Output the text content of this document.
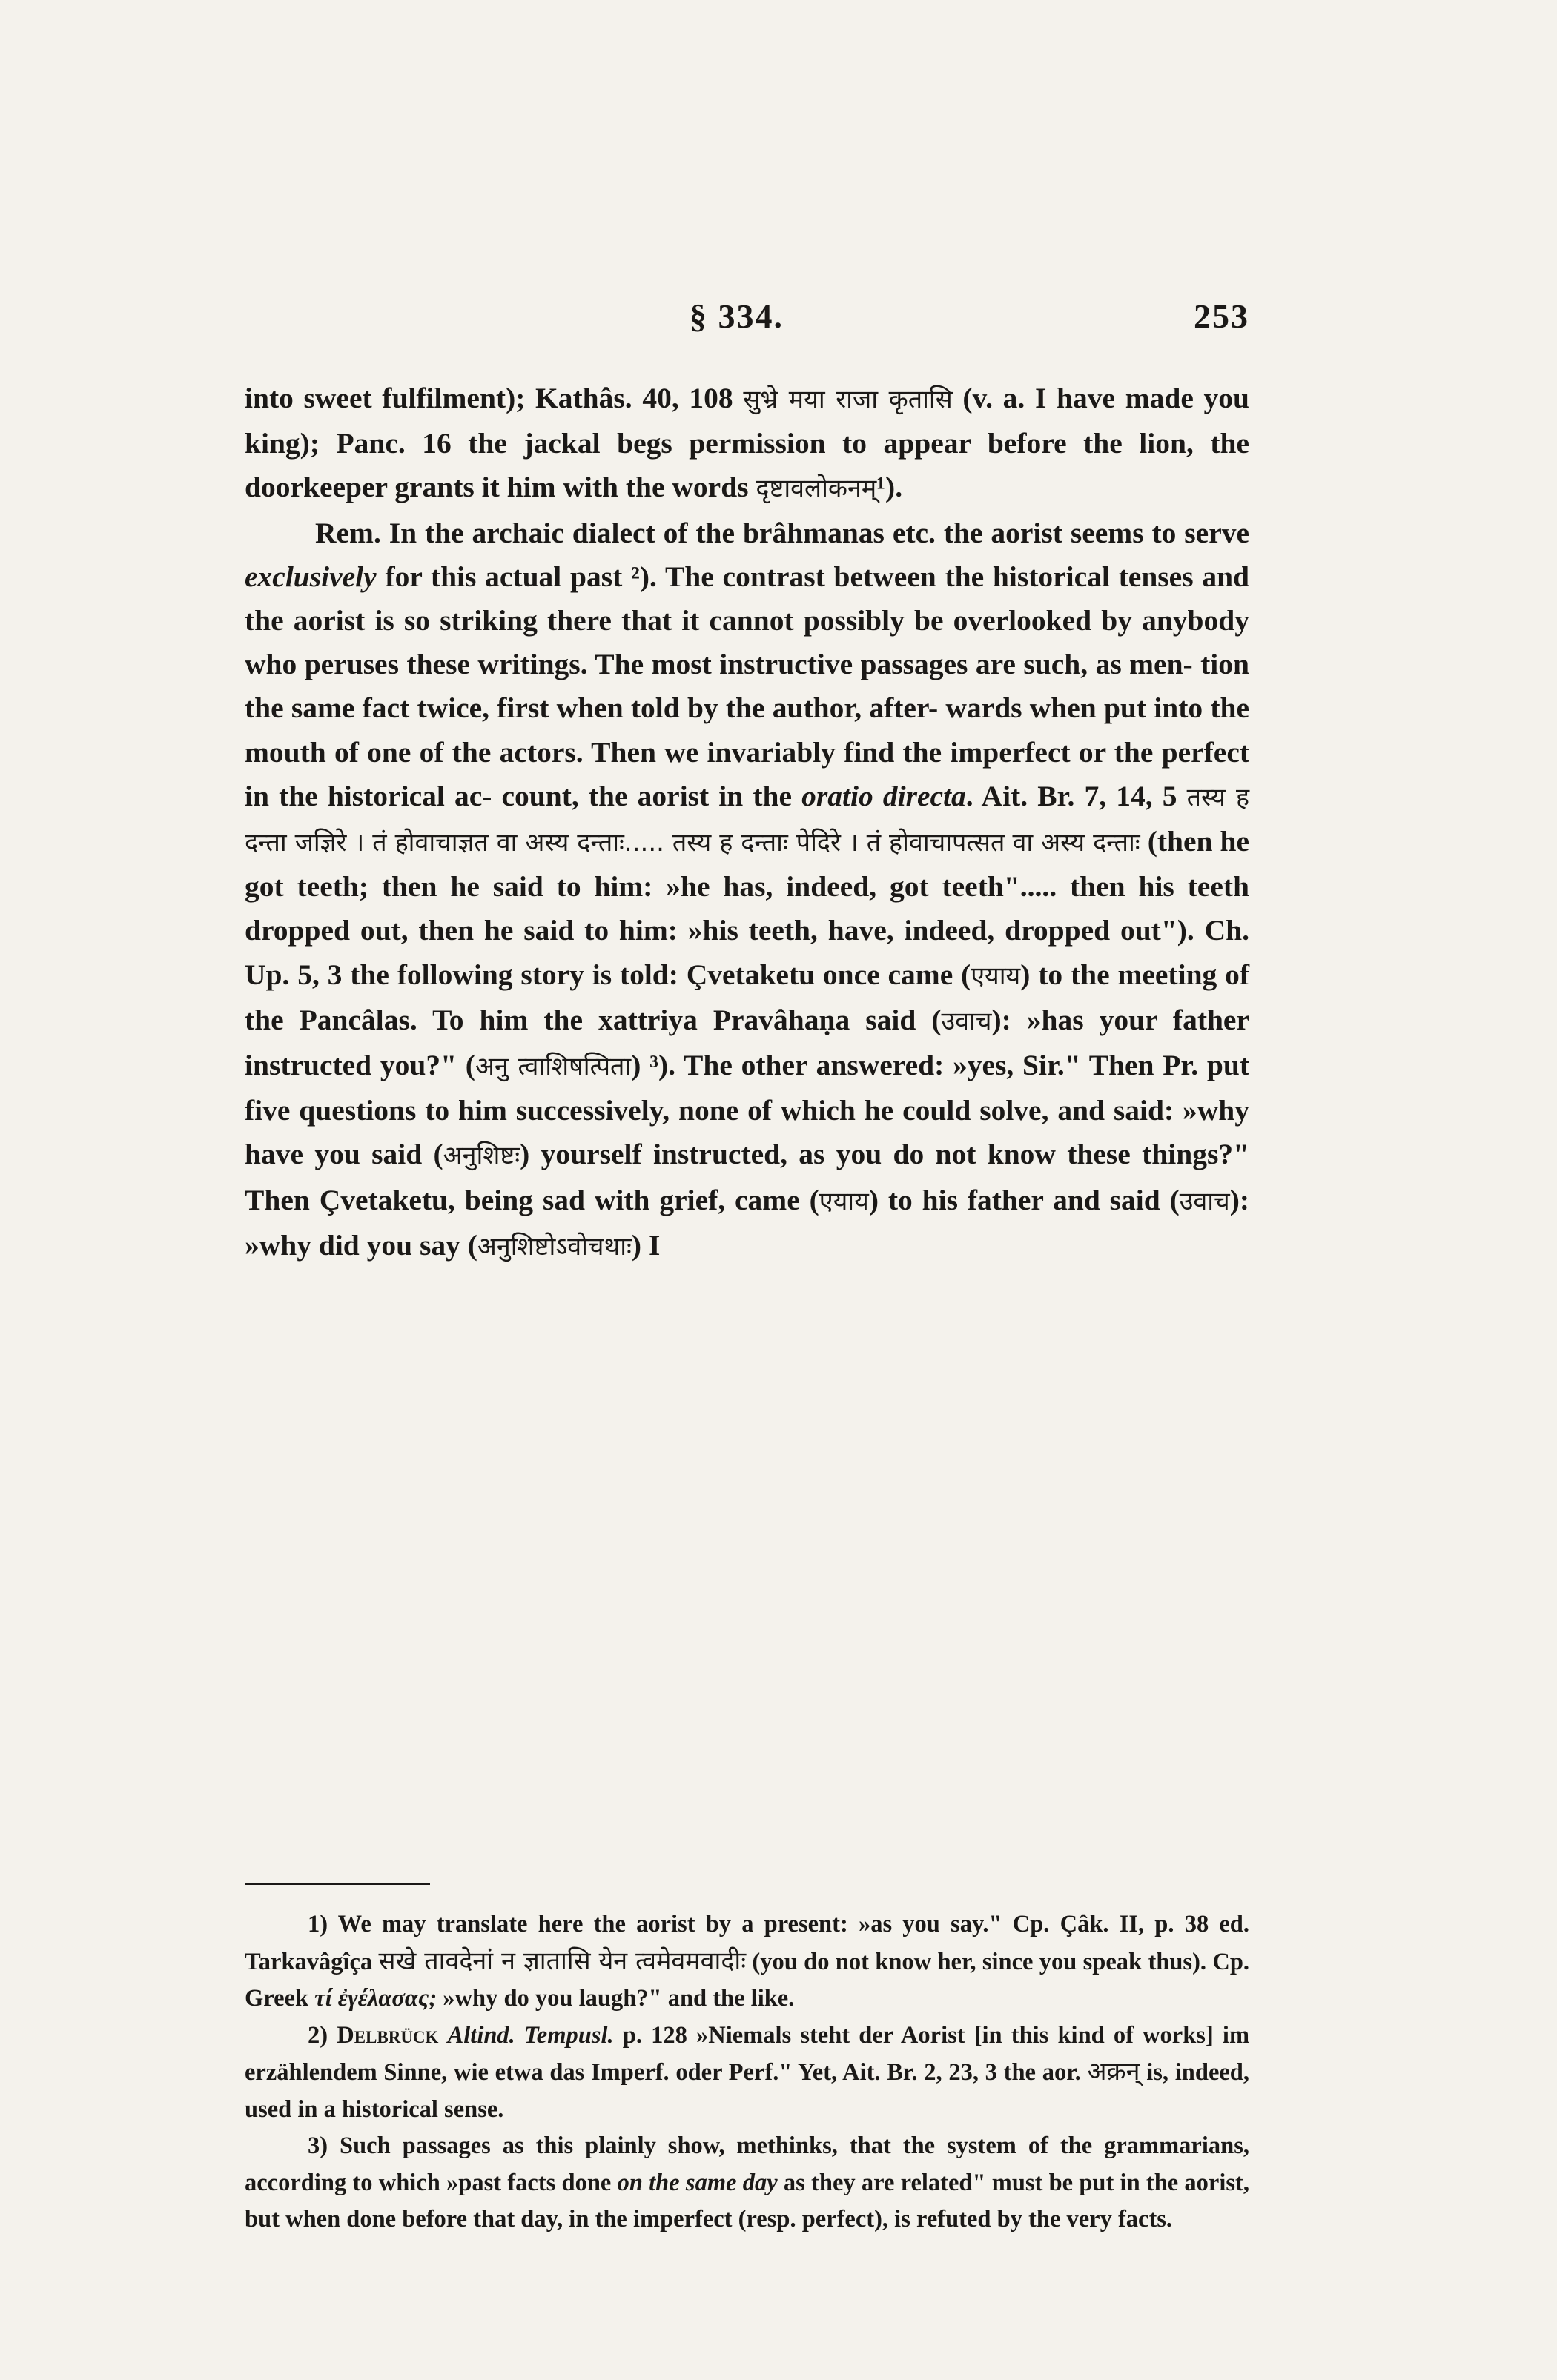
§ 334.	253

into sweet fulfilment); Kathâs. 40, 108 सुभ्रे मया राजा कृतासि (v. a. I have made you king); Panc. 16 the jackal begs permission to appear before the lion, the doorkeeper grants it him with the words दृष्टावलोकनम्¹).

Rem. In the archaic dialect of the brâhmanas etc. the aorist seems to serve exclusively for this actual past ²). The contrast between the historical tenses and the aorist is so striking there that it cannot possibly be overlooked by anybody who peruses these writings. The most instructive passages are such, as men- tion the same fact twice, first when told by the author, after- wards when put into the mouth of one of the actors. Then we invariably find the imperfect or the perfect in the historical ac- count, the aorist in the oratio directa. Ait. Br. 7, 14, 5 तस्य ह दन्ता जज्ञिरे । तं होवाचाज्ञत वा अस्य दन्ताः..... तस्य ह दन्ताः पेदिरे । तं होवाचापत्सत वा अस्य दन्ताः (then he got teeth; then he said to him: »he has, indeed, got teeth"..... then his teeth dropped out, then he said to him: »his teeth, have, indeed, dropped out"). Ch. Up. 5, 3 the following story is told: Çvetaketu once came (एयाय) to the meeting of the Pancâlas. To him the xattriya Pravâhaṇa said (उवाच): »has your father instructed you?" (अनु त्वाशिषत्पिता) ³). The other answered: »yes, Sir." Then Pr. put five questions to him successively, none of which he could solve, and said: »why have you said (अनुशिष्टः) yourself instructed, as you do not know these things?" Then Çvetaketu, being sad with grief, came (एयाय) to his father and said (उवाच): »why did you say (अनुशिष्टोऽवोचथाः) I

1) We may translate here the aorist by a present: »as you say." Cp. Çâk. II, p. 38 ed. Tarkavâgîça सखे तावदेनां न ज्ञातासि येन त्वमेवमवादीः (you do not know her, since you speak thus). Cp. Greek τί ἐγέλασας; »why do you laugh?" and the like.

2) Delbrück Altind. Tempusl. p. 128 »Niemals steht der Aorist [in this kind of works] im erzählendem Sinne, wie etwa das Imperf. oder Perf." Yet, Ait. Br. 2, 23, 3 the aor. अक्रन् is, indeed, used in a historical sense.

3) Such passages as this plainly show, methinks, that the system of the grammarians, according to which »past facts done on the same day as they are related" must be put in the aorist, but when done before that day, in the imperfect (resp. perfect), is refuted by the very facts.
